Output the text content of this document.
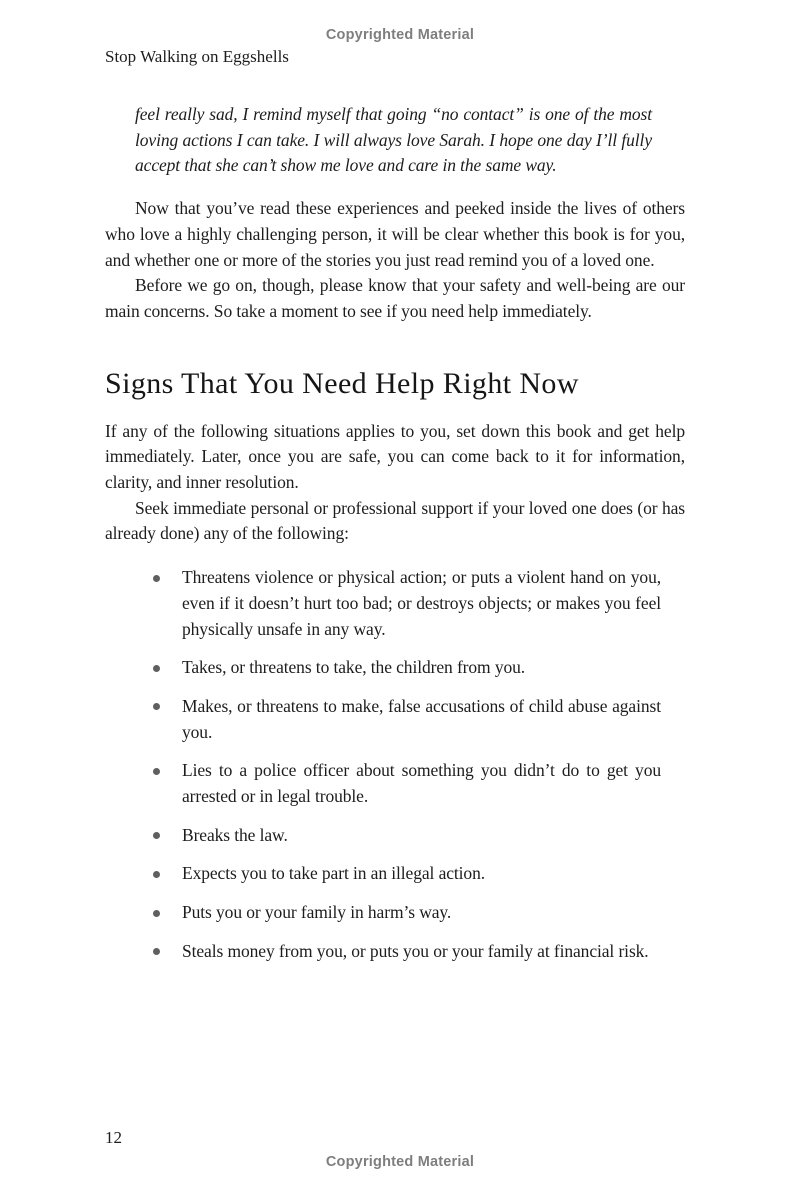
Copyrighted Material
Stop Walking on Eggshells
feel really sad, I remind myself that going “no contact” is one of the most loving actions I can take. I will always love Sarah. I hope one day I’ll fully accept that she can’t show me love and care in the same way.

Now that you’ve read these experiences and peeked inside the lives of others who love a highly challenging person, it will be clear whether this book is for you, and whether one or more of the stories you just read remind you of a loved one.

Before we go on, though, please know that your safety and well-being are our main concerns. So take a moment to see if you need help immediately.

Signs That You Need Help Right Now

If any of the following situations applies to you, set down this book and get help immediately. Later, once you are safe, you can come back to it for information, clarity, and inner resolution.

Seek immediate personal or professional support if your loved one does (or has already done) any of the following:

Threatens violence or physical action; or puts a violent hand on you, even if it doesn’t hurt too bad; or destroys objects; or makes you feel physically unsafe in any way.
Takes, or threatens to take, the children from you.
Makes, or threatens to make, false accusations of child abuse against you.
Lies to a police officer about something you didn’t do to get you arrested or in legal trouble.
Breaks the law.
Expects you to take part in an illegal action.
Puts you or your family in harm’s way.
Steals money from you, or puts you or your family at financial risk.
12
Copyrighted Material
